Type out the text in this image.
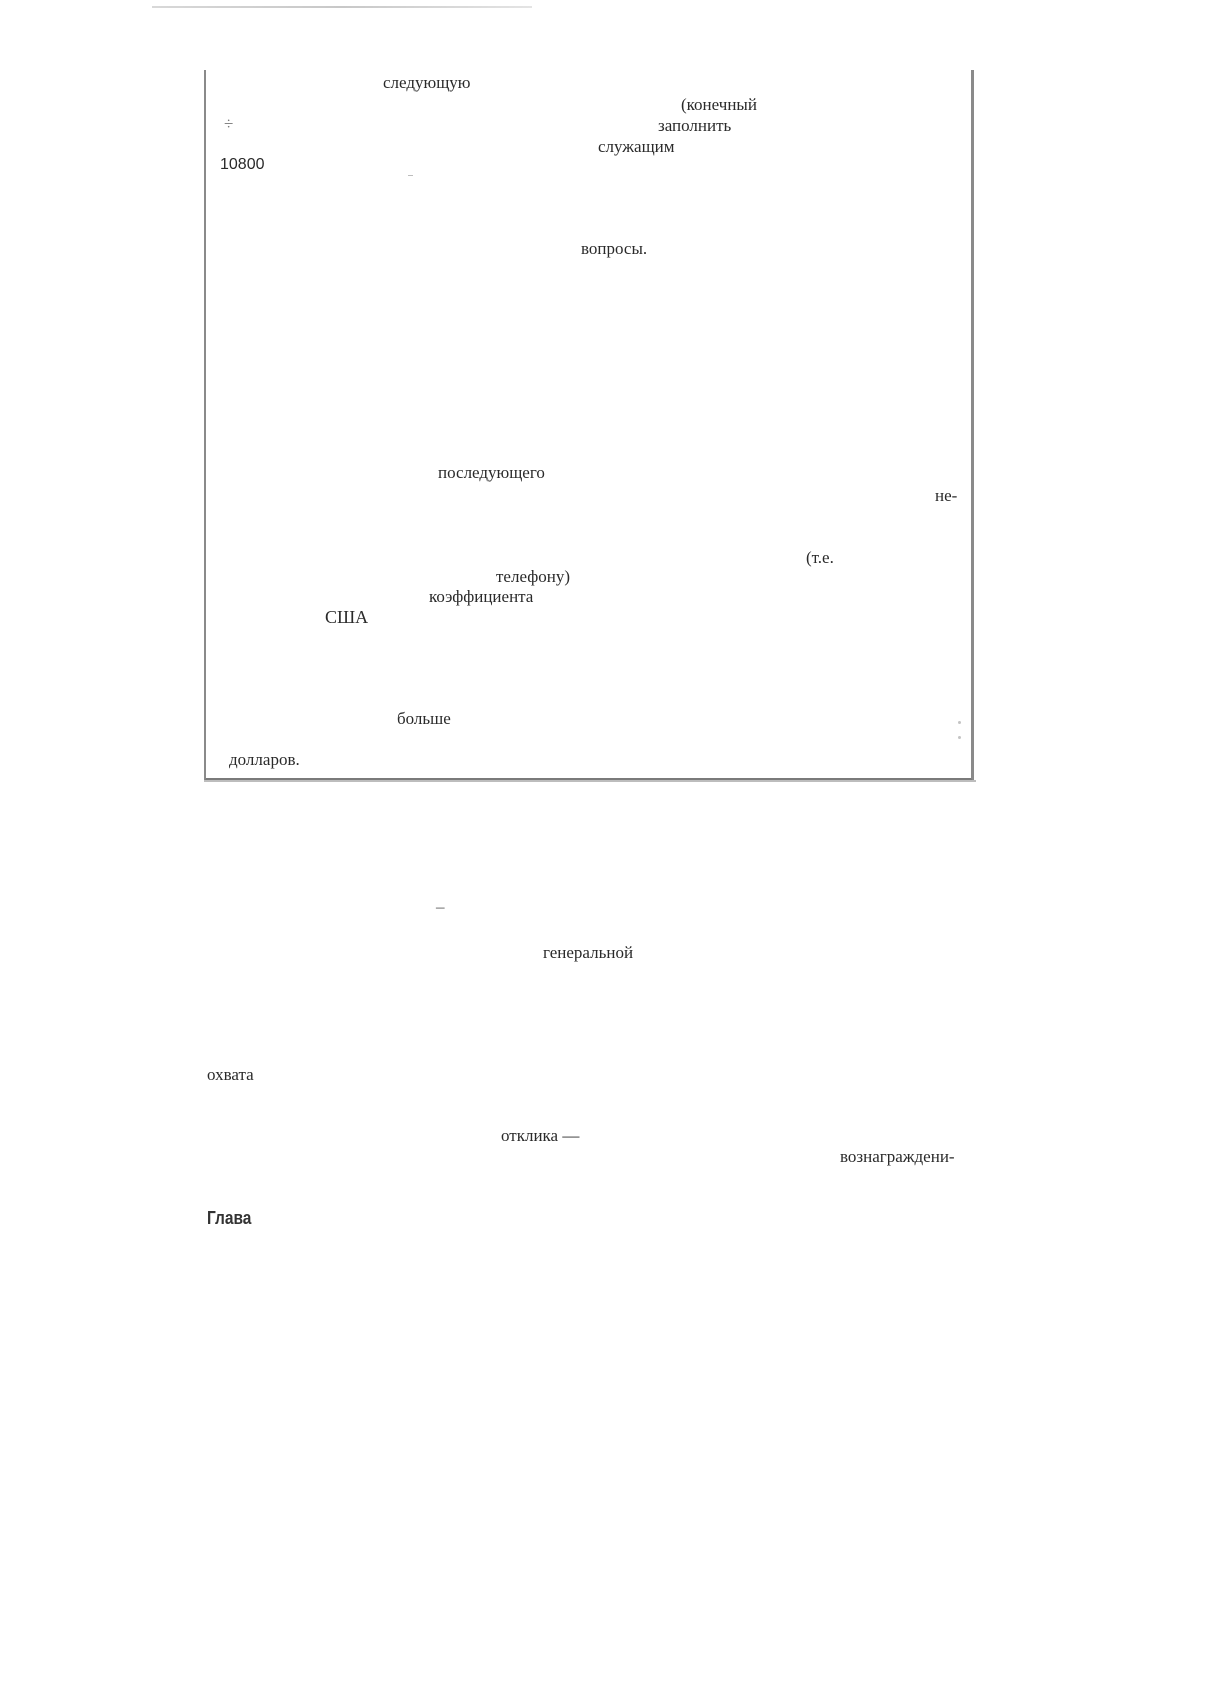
следующую
(конечный
÷	заполнить
служащим
10800
вопросы.
последующего
не-
(т.е.
телефону)
коэффициента
США
больше
долларов.
–
генеральной
охвата
отклика —
вознаграждени-
Глава
